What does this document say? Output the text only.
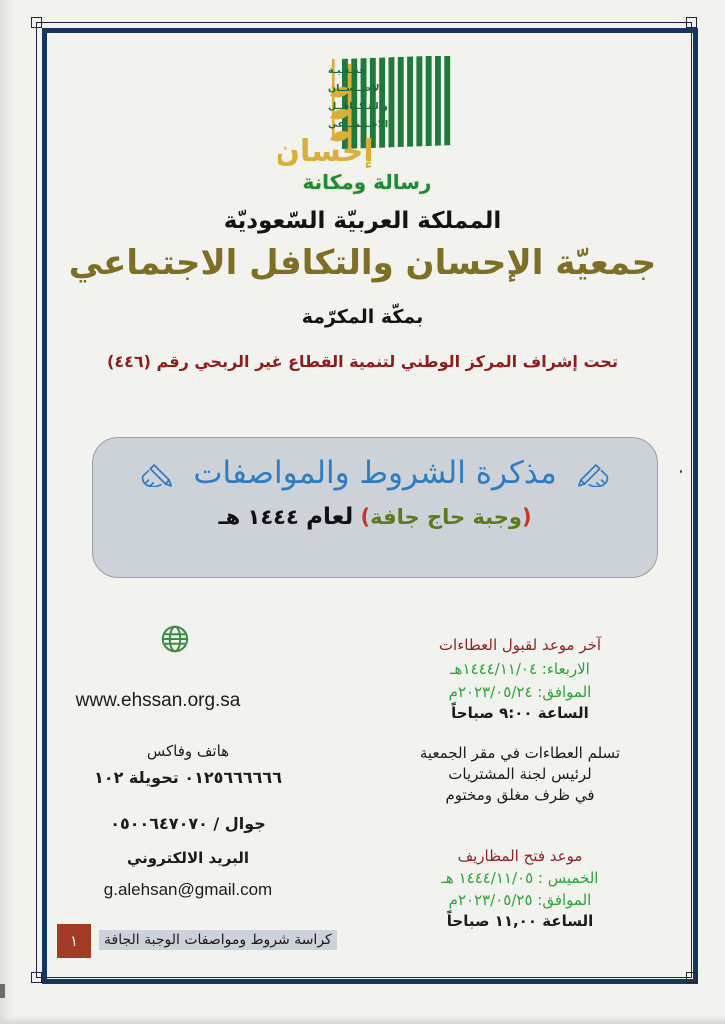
جمـعـيـة
الإحـــســان
والـتـكــافــل
الاجـتـمــاعي
إحسان
رسالة ومكانة
المملكة العربيّة السّعوديّة
جمعيّة الإحسان والتكافل الاجتماعي
بمكّة المكرّمة
تحت إشراف المركز الوطني لتنمية القطاع غير الربحي رقم (٤٤٦)
مذكرة الشروط والمواصفات
(وجبة حاج جافة) لعام ١٤٤٤ هـ
www.ehssan.org.sa
هاتف وفاكس
٠١٢٥٦٦٦٦٦٦ تحويلة ١٠٢
جوال / ٠٥٠٠٦٤٧٠٧٠
البريد الالكتروني
g.alehsan@gmail.com
آخر موعد لقبول العطاءات
الاربعاء: ١٤٤٤/١١/٠٤هـ
الموافق: ٢٠٢٣/٠٥/٢٤م
الساعة ٩:٠٠ صباحاً
تسلم العطاءات في مقر الجمعية
لرئيس لجنة المشتريات
في ظرف مغلق ومختوم
موعد فتح المظاريف
الخميس : ١٤٤٤/١١/٠٥ هـ
الموافق: ٢٠٢٣/٠٥/٢٥م
الساعة ١١,٠٠ صباحاً
١	كراسة شروط ومواصفات الوجبة الجافة
